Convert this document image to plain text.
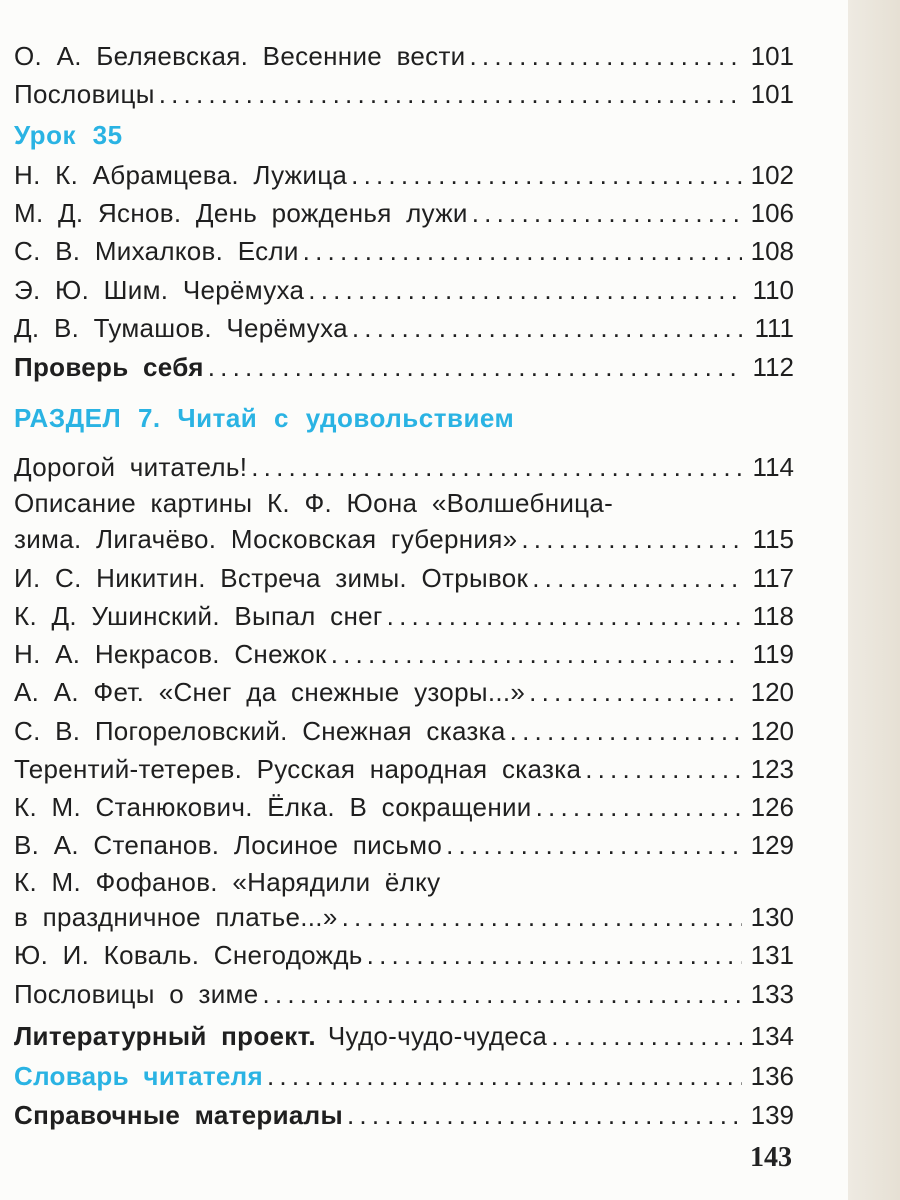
О. А. Беляевская. Весенние вести .....	101
Пословицы .....	101
Урок 35
Н. К. Абрамцева. Лужица .....	102
М. Д. Яснов. День рожденья лужи .....	106
С. В. Михалков. Если .....	108
Э. Ю. Шим. Черёмуха .....	110
Д. В. Тумашов. Черёмуха .....	111
Проверь себя .....	112
РАЗДЕЛ 7. Читай с удовольствием
Дорогой читатель! .....	114
Описание картины К. Ф. Юона «Волшебница-
зима. Лигачёво. Московская губерния» .....	115
И. С. Никитин. Встреча зимы. Отрывок .....	117
К. Д. Ушинский. Выпал снег .....	118
Н. А. Некрасов. Снежок .....	119
А. А. Фет. «Снег да снежные узоры...» .....	120
С. В. Погореловский. Снежная сказка .....	120
Терентий-тетерев. Русская народная сказка .....	123
К. М. Станюкович. Ёлка. В сокращении .....	126
В. А. Степанов. Лосиное письмо .....	129
К. М. Фофанов. «Нарядили ёлку
в праздничное платье...» .....	130
Ю. И. Коваль. Снегодождь .....	131
Пословицы о зиме .....	133
Литературный проект. Чудо-чудо-чудеса .....	134
Словарь читателя .....	136
Справочные материалы .....	139
143
